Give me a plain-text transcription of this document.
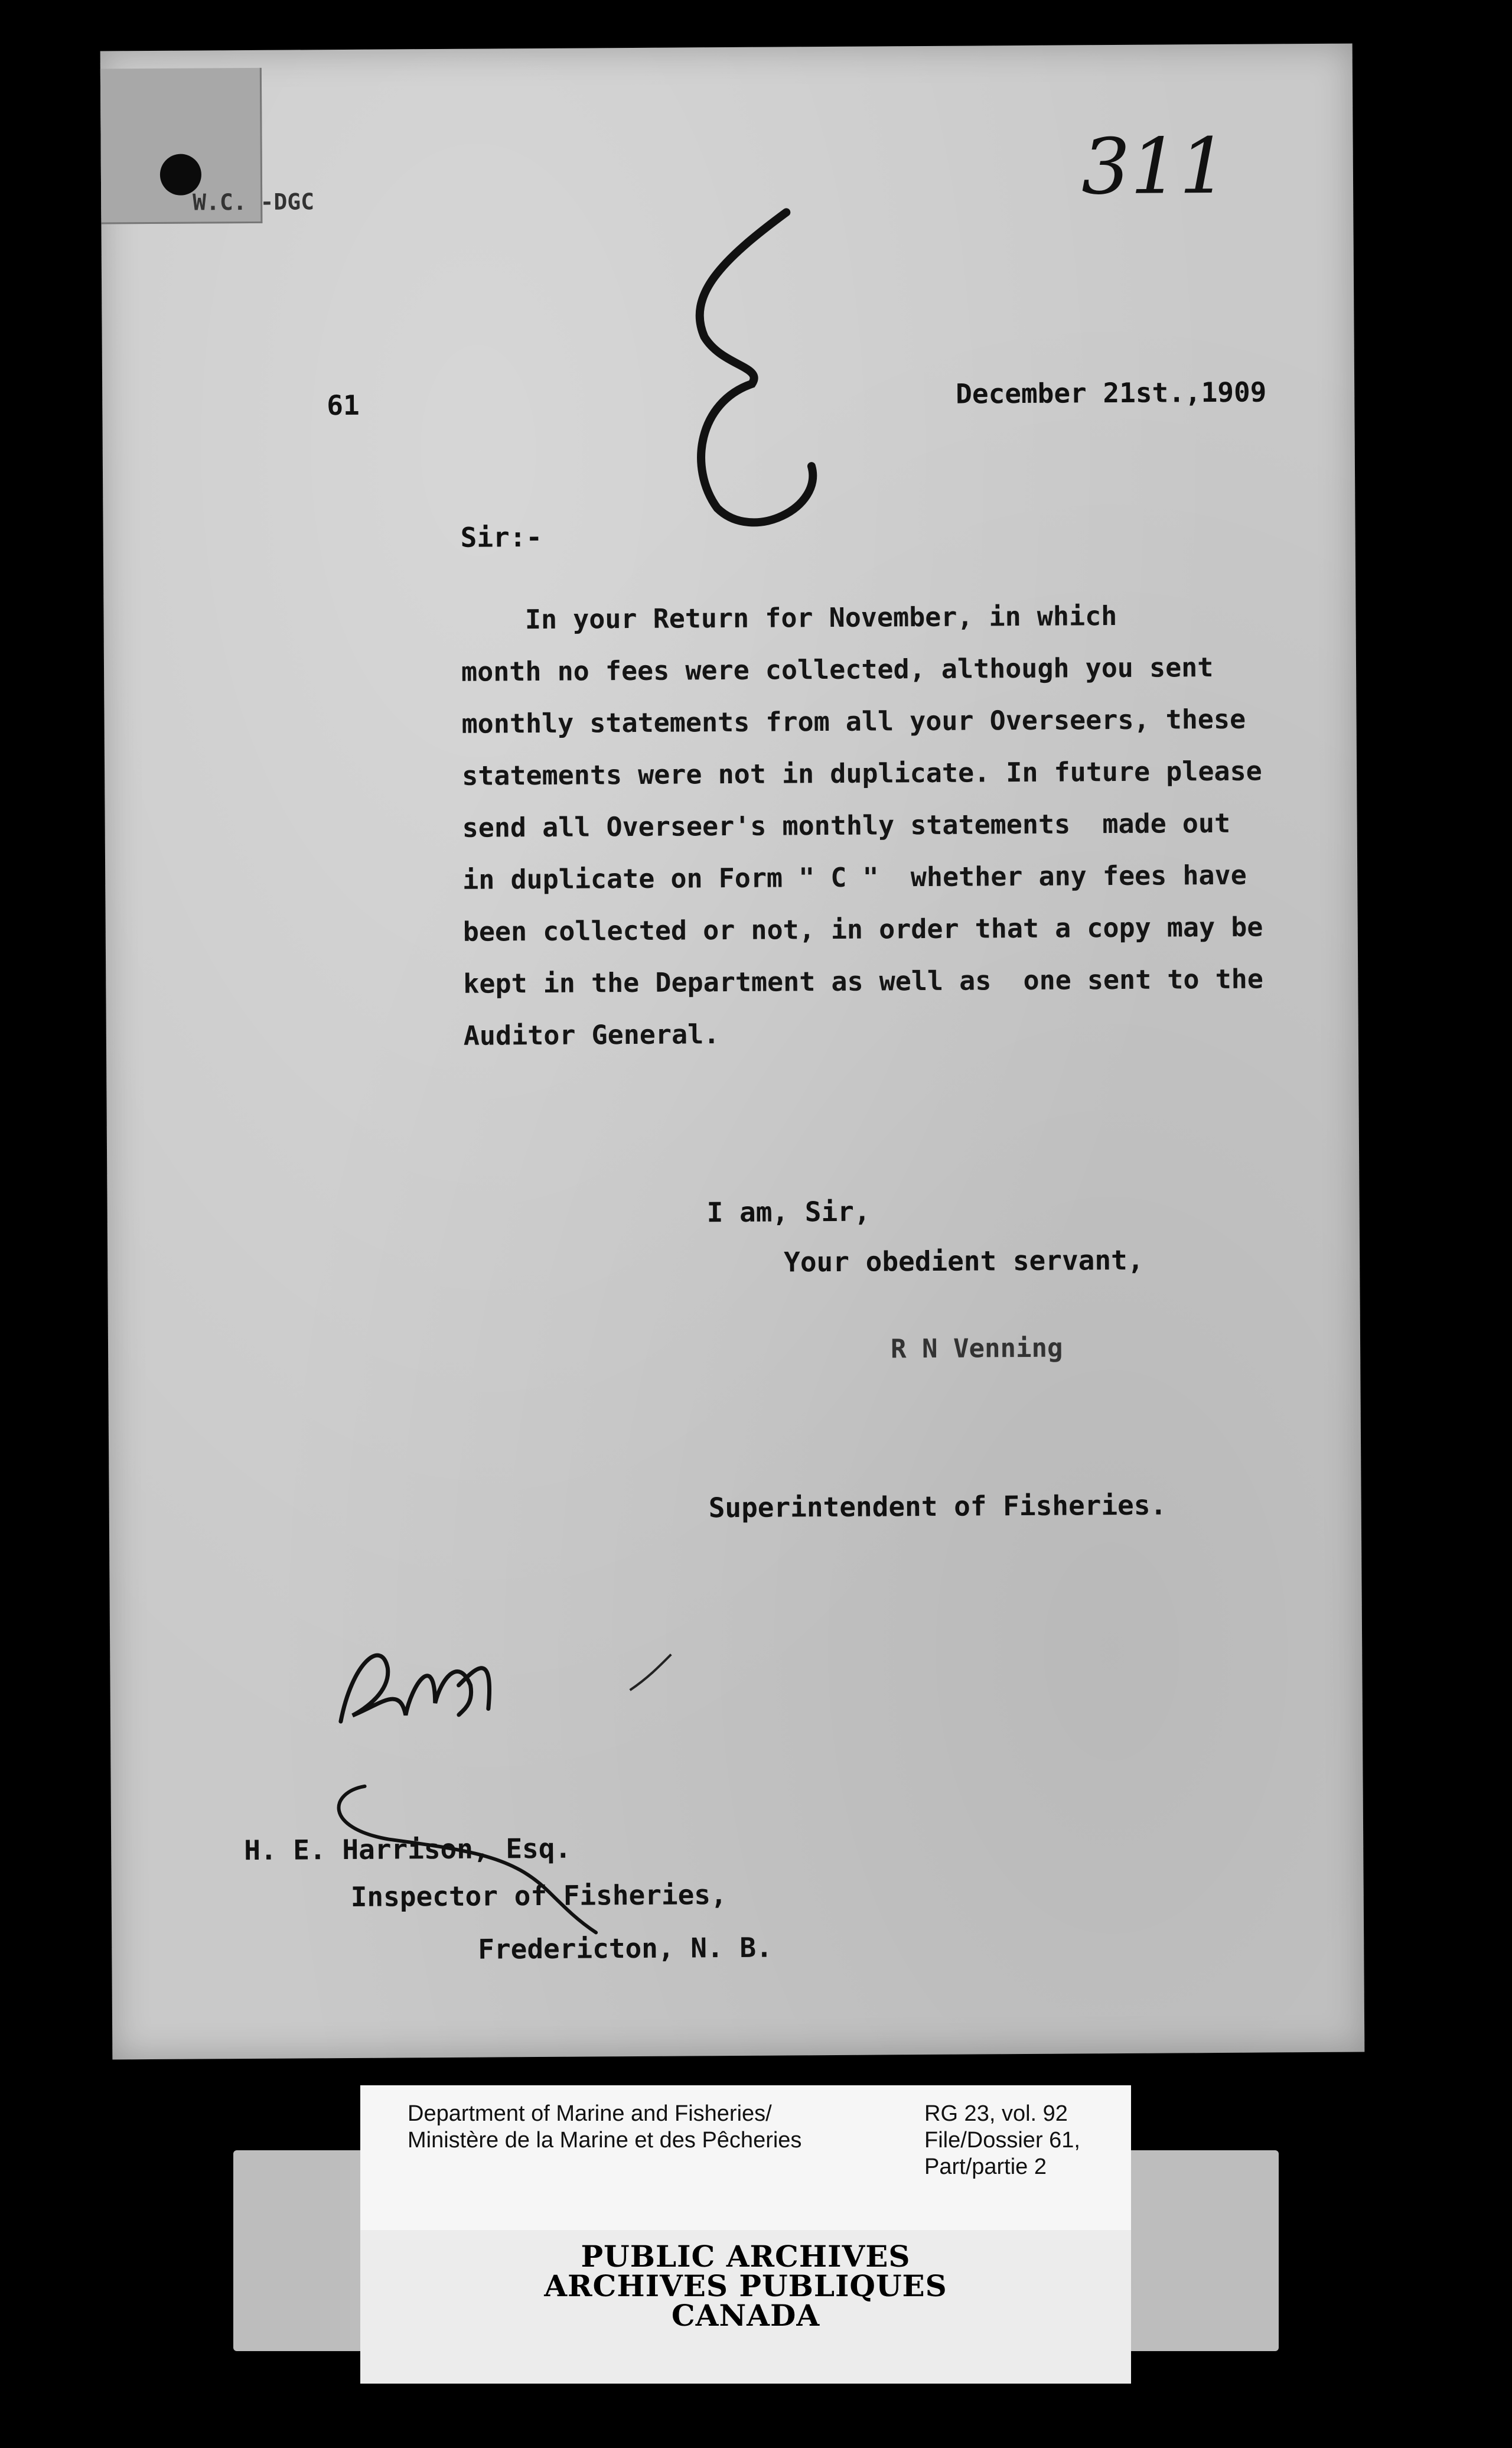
W.C. -DGC	311
61	December 21st.,1909
Sir:-
In your Return for November, in which
month no fees were collected, although you sent
monthly statements from all your Overseers, these
statements were not in duplicate. In future please
send all Overseer's monthly statements  made out
in duplicate on Form " C "  whether any fees have
been collected or not, in order that a copy may be
kept in the Department as well as  one sent to the
Auditor General.
I am, Sir,
Your obedient servant,
R N Venning
Superintendent of Fisheries.
H. E. Harrison, Esq.
Inspector of Fisheries,
Fredericton, N. B.
Department of Marine and Fisheries/
Ministère de la Marine et des Pêcheries
RG 23, vol. 92
File/Dossier 61,
Part/partie 2
PUBLIC ARCHIVES
ARCHIVES PUBLIQUES
CANADA
